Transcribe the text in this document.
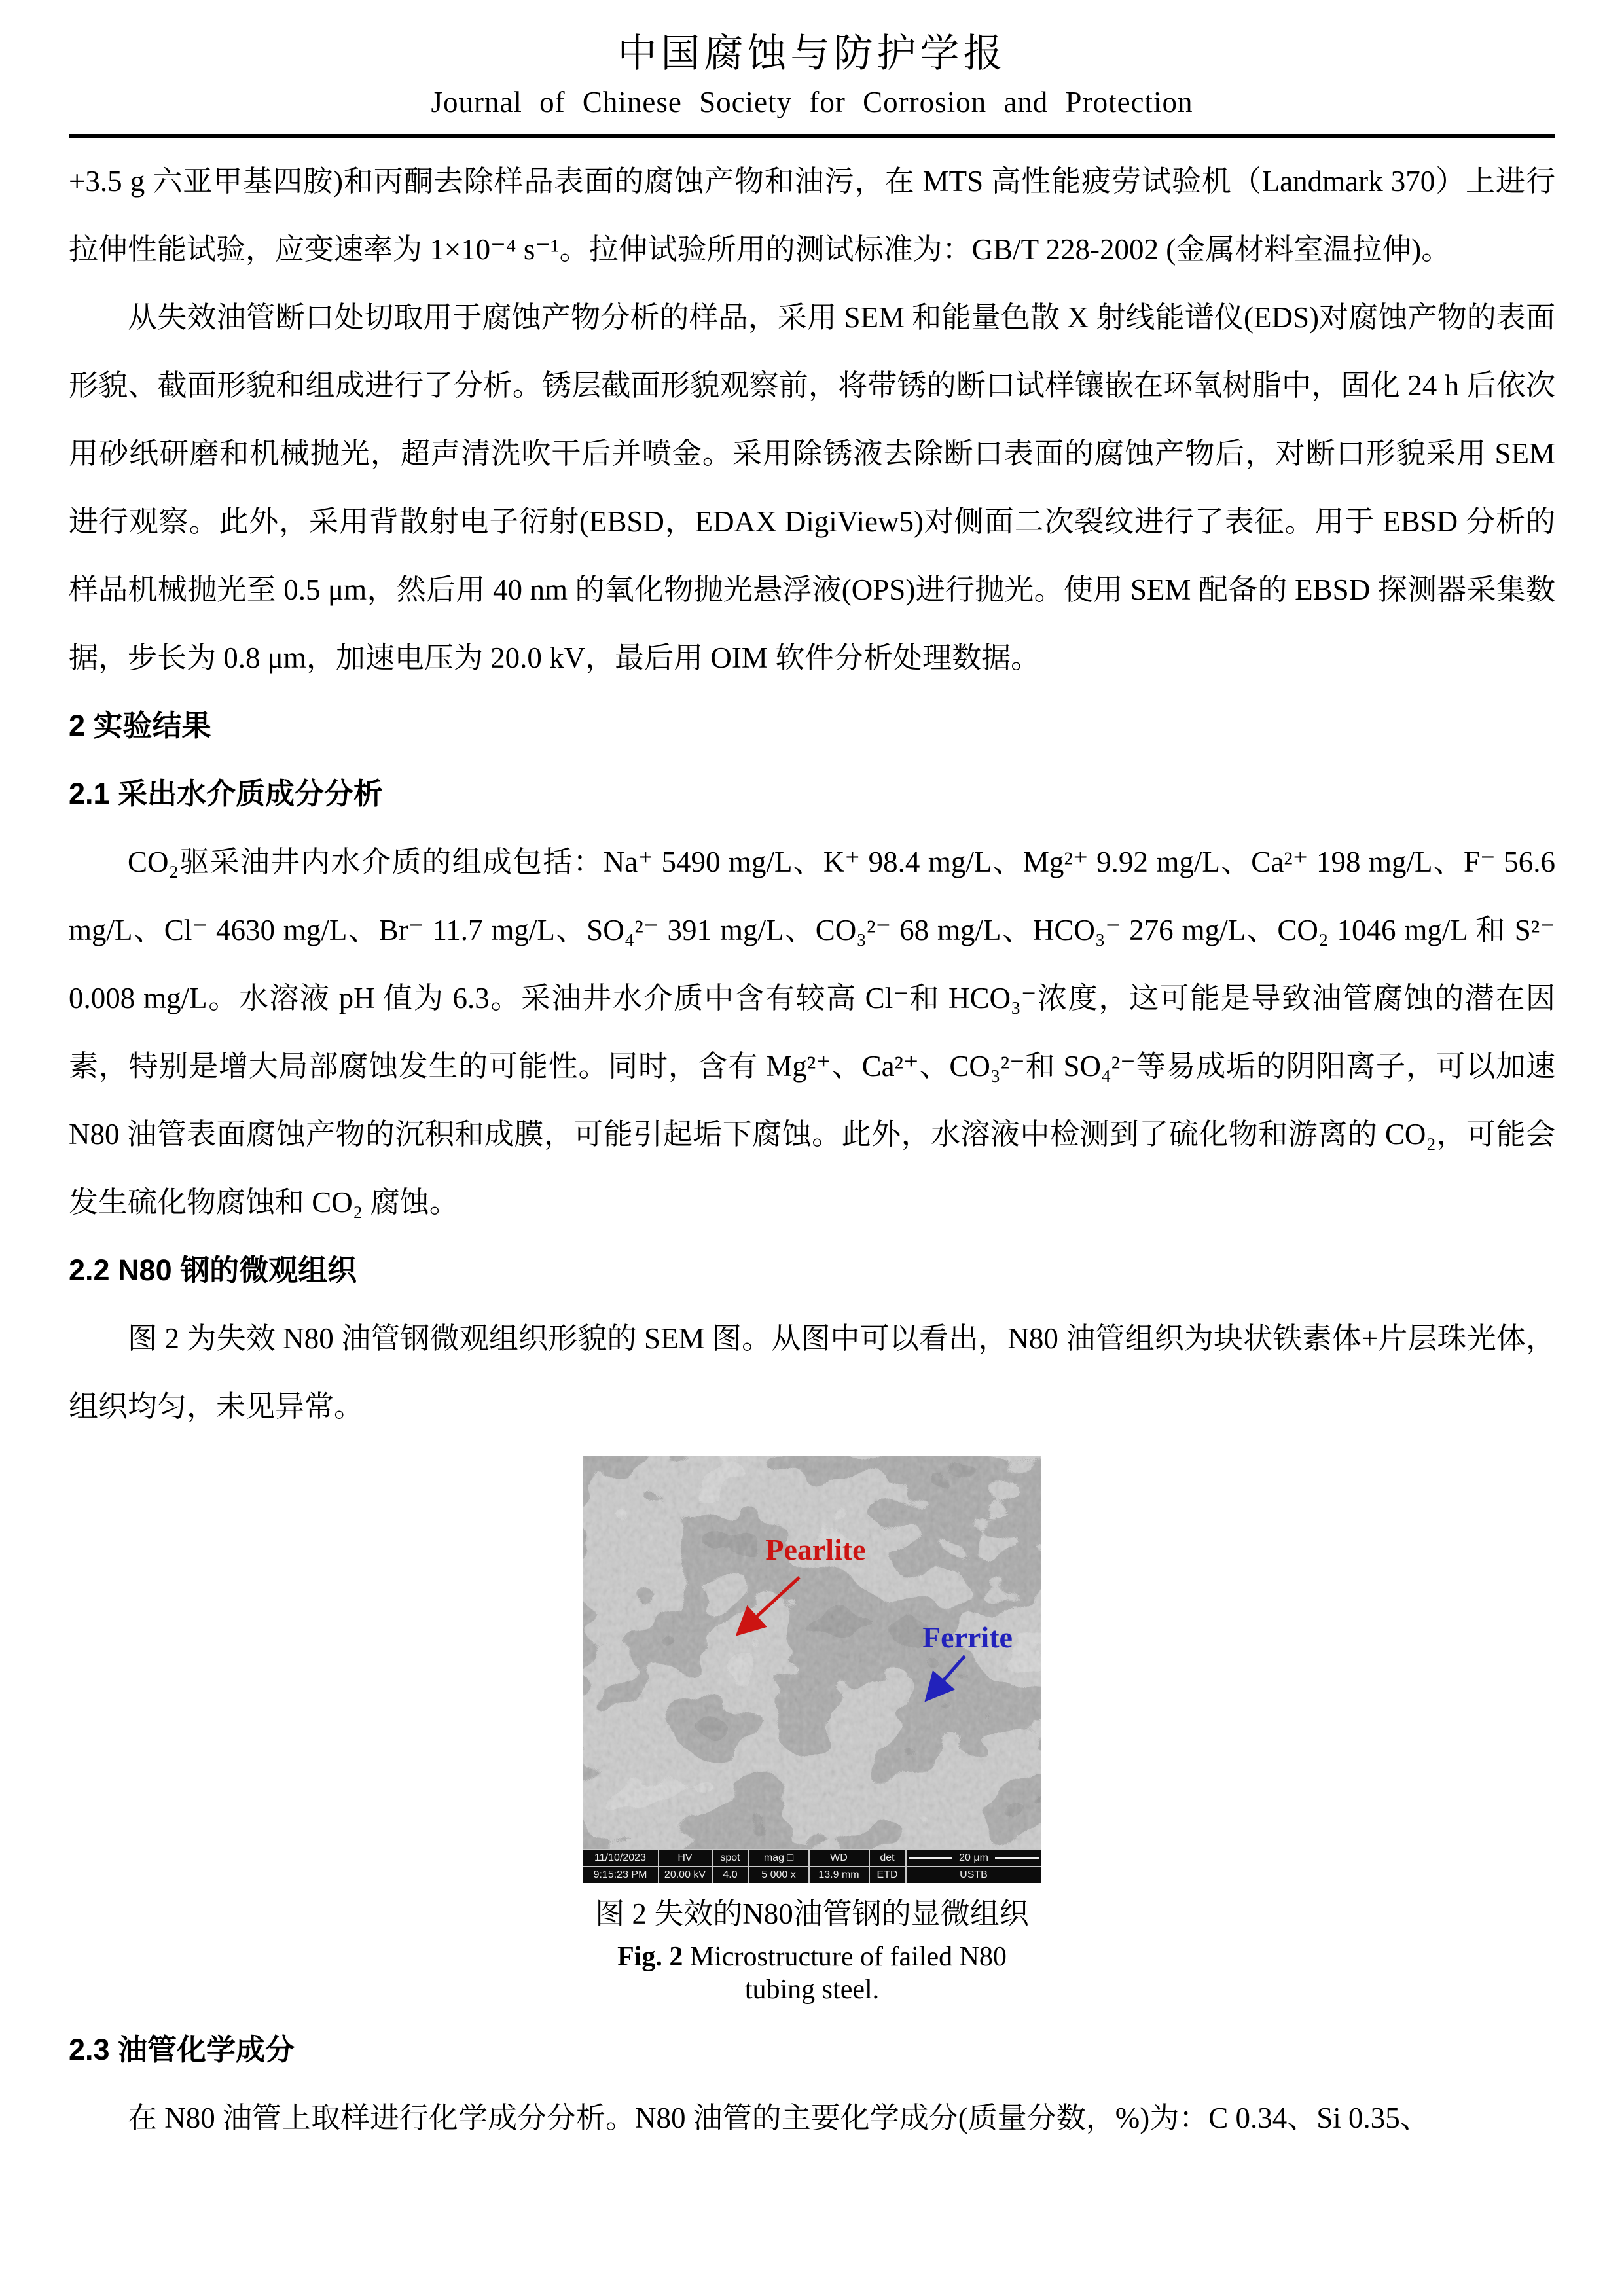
中国腐蚀与防护学报
Journal of Chinese Society for Corrosion and Protection

+3.5 g 六亚甲基四胺)和丙酮去除样品表面的腐蚀产物和油污，在 MTS 高性能疲劳试验机（Landmark 370）上进行拉伸性能试验，应变速率为 1×10⁻⁴ s⁻¹。拉伸试验所用的测试标准为：GB/T 228-2002 (金属材料室温拉伸)。

从失效油管断口处切取用于腐蚀产物分析的样品，采用 SEM 和能量色散 X 射线能谱仪(EDS)对腐蚀产物的表面形貌、截面形貌和组成进行了分析。锈层截面形貌观察前，将带锈的断口试样镶嵌在环氧树脂中，固化 24 h 后依次用砂纸研磨和机械抛光，超声清洗吹干后并喷金。采用除锈液去除断口表面的腐蚀产物后，对断口形貌采用 SEM 进行观察。此外，采用背散射电子衍射(EBSD，EDAX DigiView5)对侧面二次裂纹进行了表征。用于 EBSD 分析的样品机械抛光至 0.5 μm，然后用 40 nm 的氧化物抛光悬浮液(OPS)进行抛光。使用 SEM 配备的 EBSD 探测器采集数据，步长为 0.8 μm，加速电压为 20.0 kV，最后用 OIM 软件分析处理数据。

2 实验结果

2.1 采出水介质成分分析

CO₂驱采油井内水介质的组成包括：Na⁺ 5490 mg/L、K⁺ 98.4 mg/L、Mg²⁺ 9.92 mg/L、Ca²⁺ 198 mg/L、F⁻ 56.6 mg/L、Cl⁻ 4630 mg/L、Br⁻ 11.7 mg/L、SO₄²⁻ 391 mg/L、CO₃²⁻ 68 mg/L、HCO₃⁻ 276 mg/L、CO₂ 1046 mg/L 和 S²⁻ 0.008 mg/L。水溶液 pH 值为 6.3。采油井水介质中含有较高 Cl⁻和 HCO₃⁻浓度，这可能是导致油管腐蚀的潜在因素，特别是增大局部腐蚀发生的可能性。同时，含有 Mg²⁺、Ca²⁺、CO₃²⁻和 SO₄²⁻等易成垢的阴阳离子，可以加速 N80 油管表面腐蚀产物的沉积和成膜，可能引起垢下腐蚀。此外，水溶液中检测到了硫化物和游离的 CO₂，可能会发生硫化物腐蚀和 CO₂ 腐蚀。

2.2 N80 钢的微观组织

图 2 为失效 N80 油管钢微观组织形貌的 SEM 图。从图中可以看出，N80 油管组织为块状铁素体+片层珠光体，组织均匀，未见异常。

Pearlite
Ferrite
11/10/2023
9:15:23 PM
HV
20.00 kV
spot
4.0
mag □
5 000 x
WD
13.9 mm
det
ETD
20 μm
USTB
图 2 失效的N80油管钢的显微组织
Fig. 2 Microstructure of failed N80 tubing steel.

2.3 油管化学成分

在 N80 油管上取样进行化学成分分析。N80 油管的主要化学成分(质量分数，%)为：C 0.34、Si 0.35、
